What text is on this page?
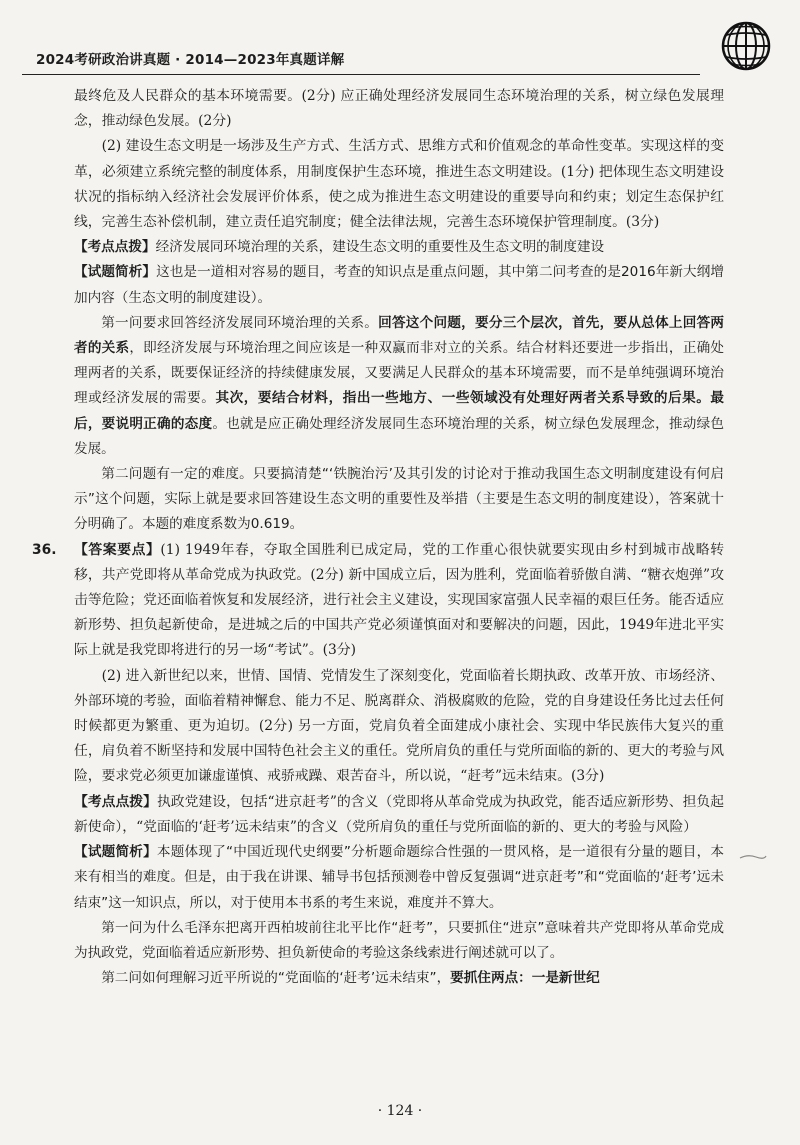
2024考研政治讲真题 · 2014—2023年真题详解

最终危及人民群众的基本环境需要。(2分) 应正确处理经济发展同生态环境治理的关系，树立绿色发展理念，推动绿色发展。(2分)

(2) 建设生态文明是一场涉及生产方式、生活方式、思维方式和价值观念的革命性变革。实现这样的变革，必须建立系统完整的制度体系，用制度保护生态环境，推进生态文明建设。(1分) 把体现生态文明建设状况的指标纳入经济社会发展评价体系，使之成为推进生态文明建设的重要导向和约束；划定生态保护红线，完善生态补偿机制，建立责任追究制度；健全法律法规，完善生态环境保护管理制度。(3分)

【考点点拨】经济发展同环境治理的关系，建设生态文明的重要性及生态文明的制度建设

【试题简析】这也是一道相对容易的题目，考查的知识点是重点问题，其中第二问考查的是2016年新大纲增加内容（生态文明的制度建设）。

第一问要求回答经济发展同环境治理的关系。回答这个问题，要分三个层次，首先，要从总体上回答两者的关系，即经济发展与环境治理之间应该是一种双赢而非对立的关系。结合材料还要进一步指出，正确处理两者的关系，既要保证经济的持续健康发展，又要满足人民群众的基本环境需要，而不是单纯强调环境治理或经济发展的需要。其次，要结合材料，指出一些地方、一些领域没有处理好两者关系导致的后果。最后，要说明正确的态度。也就是应正确处理经济发展同生态环境治理的关系，树立绿色发展理念，推动绿色发展。

第二问题有一定的难度。只要搞清楚“‘铁腕治污’及其引发的讨论对于推动我国生态文明制度建设有何启示”这个问题，实际上就是要求回答建设生态文明的重要性及举措（主要是生态文明的制度建设），答案就十分明确了。本题的难度系数为0.619。

36. 【答案要点】(1) 1949年春，夺取全国胜利已成定局，党的工作重心很快就要实现由乡村到城市战略转移，共产党即将从革命党成为执政党。(2分) 新中国成立后，因为胜利，党面临着骄傲自满、“糖衣炮弹”攻击等危险；党还面临着恢复和发展经济，进行社会主义建设，实现国家富强人民幸福的艰巨任务。能否适应新形势、担负起新使命，是进城之后的中国共产党必须谨慎面对和要解决的问题，因此，1949年进北平实际上就是我党即将进行的另一场“考试”。(3分)

(2) 进入新世纪以来，世情、国情、党情发生了深刻变化，党面临着长期执政、改革开放、市场经济、外部环境的考验，面临着精神懈怠、能力不足、脱离群众、消极腐败的危险，党的自身建设任务比过去任何时候都更为繁重、更为迫切。(2分) 另一方面，党肩负着全面建成小康社会、实现中华民族伟大复兴的重任，肩负着不断坚持和发展中国特色社会主义的重任。党所肩负的重任与党所面临的新的、更大的考验与风险，要求党必须更加谦虚谨慎、戒骄戒躁、艰苦奋斗，所以说，“赶考”远未结束。(3分)

【考点点拨】执政党建设，包括“进京赶考”的含义（党即将从革命党成为执政党，能否适应新形势、担负起新使命），“党面临的‘赶考’远未结束”的含义（党所肩负的重任与党所面临的新的、更大的考验与风险）

【试题简析】本题体现了“中国近现代史纲要”分析题命题综合性强的一贯风格，是一道很有分量的题目，本来有相当的难度。但是，由于我在讲课、辅导书包括预测卷中曾反复强调“进京赶考”和“党面临的‘赶考’远未结束”这一知识点，所以，对于使用本书系的考生来说，难度并不算大。

第一问为什么毛泽东把离开西柏坡前往北平比作“赶考”，只要抓住“进京”意味着共产党即将从革命党成为执政党，党面临着适应新形势、担负新使命的考验这条线索进行阐述就可以了。

第二问如何理解习近平所说的“党面临的‘赶考’远未结束”，要抓住两点：一是新世纪

· 124 ·
